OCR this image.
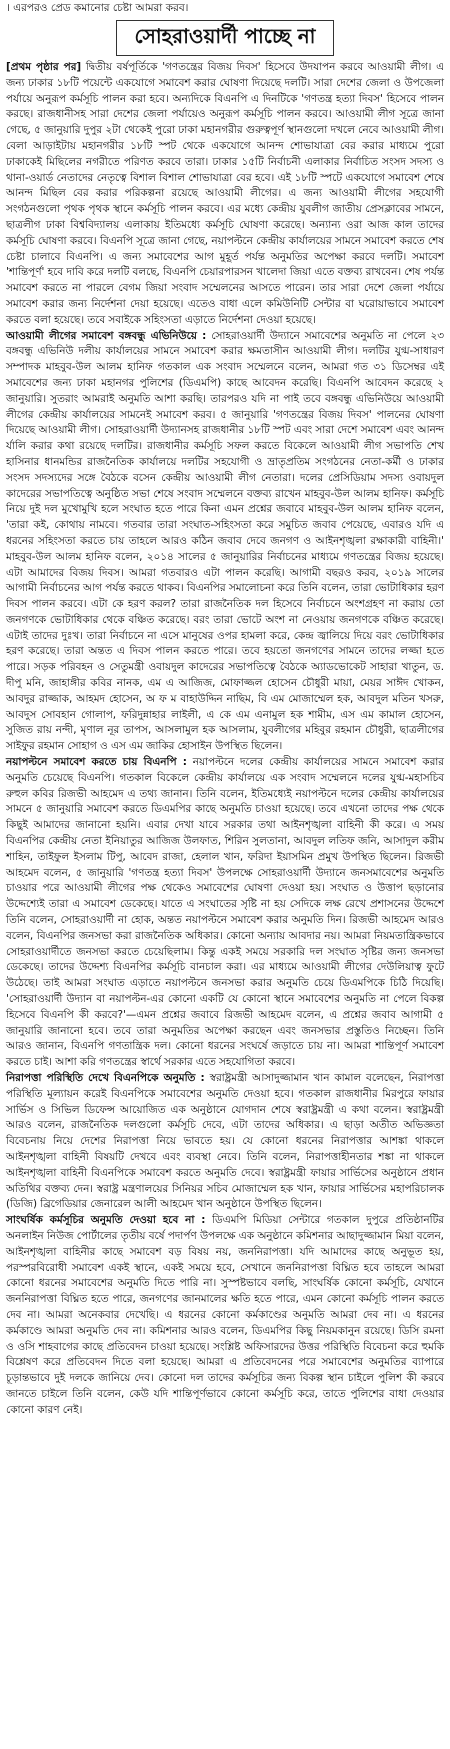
। এরপরও প্রেড কমানোর চেষ্টা আমরা করব।
সোহরাওয়ার্দী পাচ্ছে না

[প্রথম পৃষ্ঠার পর] দ্বিতীয় বর্ষপূর্তিকে 'গণতন্ত্রের বিজয় দিবস' হিসেবে উদযাপন করবে আওয়ামী লীগ। এ জন্য ঢাকার ১৮টি পয়েন্টে একযোগে সমাবেশ করার ঘোষণা দিয়েছে দলটি। সারা দেশের জেলা ও উপজেলা পর্যায়ে অনুরূপ কর্মসূচি পালন করা হবে। অন্যদিকে বিএনপি এ দিনটিকে 'গণতন্ত্র হত্যা দিবস' হিসেবে পালন করছে। রাজধানীসহ সারা দেশের জেলা পর্যায়েও অনুরূপ কর্মসূচি পালন করবে। আওয়ামী লীগ সূত্রে জানা গেছে, ৫ জানুয়ারি দুপুর ২টা থেকেই পুরো ঢাকা মহানগরীর গুরুত্বপূর্ণ স্থানগুলো দখলে নেবে আওয়ামী লীগ। বেলা আড়াইটায় মহানগরীর ১৮টি স্পট থেকে একযোগে আনন্দ শোভাযাত্রা বের করার মাধ্যমে পুরো ঢাকাকেই মিছিলের নগরীতে পরিণত করবে তারা। ঢাকার ১৫টি নির্বাচনী এলাকার নির্বাচিত সংসদ সদস্য ও থানা-ওয়ার্ড নেতাদের নেতৃত্বে বিশাল বিশাল শোভাযাত্রা বের হবে। এই ১৮টি স্পটে একযোগে সমাবেশ শেষে আনন্দ মিছিল বের করার পরিকল্পনা রয়েছে আওয়ামী লীগের। এ জন্য আওয়ামী লীগের সহযোগী সংগঠনগুলো পৃথক পৃথক স্থানে কর্মসূচি পালন করবে। এর মধ্যে কেন্দ্রীয় যুবলীগ জাতীয় প্রেসক্লাবের সামনে, ছাত্রলীগ ঢাকা বিশ্ববিদ্যালয় এলাকায় ইতিমধ্যে কর্মসূচি ঘোষণা করেছে। অন্যান্য ওরা আজ কাল তাদের কর্মসূচি ঘোষণা করবে। বিএনপি সূত্রে জানা গেছে, নয়াপল্টনে কেন্দ্রীয় কার্যালয়ের সামনে সমাবেশ করতে শেষ চেষ্টা চালাবে বিএনপি। এ জন্য সমাবেশের আগ মুহূর্ত পর্যন্ত অনুমতির অপেক্ষা করবে দলটি। সমাবেশ 'শান্তিপূর্ণ' হবে দাবি করে দলটি বলছে, বিএনপি চেয়ারপারসন খালেদা জিয়া এতে বক্তব্য রাখবেন। শেষ পর্যন্ত সমাবেশ করতে না পারলে বেগম জিয়া সংবাদ সম্মেলনের আসতে পারেন। তার সারা দেশে জেলা পর্যায়ে সমাবেশ করার জন্য নির্দেশনা দেয়া হয়েছে। এতেও বাধা এলে কমিউনিটি সেন্টার বা ঘরোয়াভাবে সমাবেশ করতে বলা হয়েছে। তবে সবাইকে সহিংসতা এড়াতে নির্দেশনা দেওয়া হয়েছে।

আওয়ামী লীগের সমাবেশ বঙ্গবন্ধু এভিনিউয়ে : সোহরাওয়ার্দী উদ্যানে সমাবেশের অনুমতি না পেলে ২৩ বঙ্গবন্ধু এভিনিউ দলীয় কার্যালয়ের সামনে সমাবেশ করার ক্ষমতাসীন আওয়ামী লীগ। দলটির যুগ্ম-সাধারণ সম্পাদক মাহবুব-উল আলম হানিফ গতকাল এক সংবাদ সম্মেলনে বলেন, আমরা গত ৩১ ডিসেম্বর এই সমাবেশের জন্য ঢাকা মহানগর পুলিশের (ডিএমপি) কাছে আবেদন করেছি। বিএনপি আবেদন করেছে ২ জানুয়ারি। সুতরাং আমরাই অনুমতি আশা করছি। তারপরও যদি না পাই তবে বঙ্গবন্ধু এভিনিউয়ে আওয়ামী লীগের কেন্দ্রীয় কার্যালয়ের সামনেই সমাবেশ করব। ৫ জানুয়ারি 'গণতন্ত্রের বিজয় দিবস' পালনের ঘোষণা দিয়েছে আওয়ামী লীগ। সোহরাওয়ার্দী উদ্যানসহ রাজধানীর ১৮টি স্পট এবং সারা দেশে সমাবেশ এবং আনন্দ র্যালি করার কথা রয়েছে দলটির। রাজধানীর কর্মসূচি সফল করতে বিকেলে আওয়ামী লীগ সভাপতি শেখ হাসিনার ধানমন্ডির রাজনৈতিক কার্যালয়ে দলটির সহযোগী ও ভ্রাতৃপ্রতিম সংগঠনের নেতা-কর্মী ও ঢাকার সংসদ সদস্যদের সঙ্গে বৈঠকে বসেন কেন্দ্রীয় আওয়ামী লীগ নেতারা। দলের প্রেসিডিয়াম সদস্য ওবায়দুল কাদেরের সভাপতিত্বে অনুষ্ঠিত সভা শেষে সংবাদ সম্মেলনে বক্তব্য রাখেন মাহবুব-উল আলম হানিফ। কর্মসূচি নিয়ে দুই দল মুখোমুখি হলে সংঘাত হতে পারে কিনা এমন প্রশ্নের জবাবে মাহবুব-উল আলম হানিফ বলেন, 'তারা কই, কোথায় নামবে। গতবার তারা সংঘাত-সহিংসতা করে সমুচিত জবাব পেয়েছে, এবারও যদি এ ধরনের সহিংসতা করতে চায় তাহলে আরও কঠিন জবাব দেবে জনগণ ও আইনশৃঙ্খলা রক্ষাকারী বাহিনী।' মাহবুব-উল আলম হানিফ বলেন, ২০১৪ সালের ৫ জানুয়ারির নির্বাচনের মাধ্যমে গণতন্ত্রের বিজয় হয়েছে। এটা আমাদের বিজয় দিবস। আমরা গতবারও এটা পালন করেছি। আগামী বছরও করব, ২০১৯ সালের আগামী নির্বাচনের আগ পর্যন্ত করতে থাকব। বিএনপির সমালোচনা করে তিনি বলেন, তারা ভোটাধিকার হরণ দিবস পালন করবে। এটা কে হরণ করল? তারা রাজনৈতিক দল হিসেবে নির্বাচনে অংশগ্রহণ না করায় তো জনগণকে ভোটাধিকার থেকে বঞ্চিত করেছে। বরং তারা ভোটে অংশ না নেওয়ায় জনগণকে বঞ্চিত করেছে। এটাই তাদের দুঃখ। তারা নির্বাচনে না এসে মানুষের ওপর হামলা করে, কেন্দ্র জ্বালিয়ে দিয়ে বরং ভোটাধিকার হরণ করেছে। তারা অন্তত এ দিবস পালন করতে পারে। তবে হয়তো জনগণের সামনে তাদের লজ্জা হতে পারে। সড়ক পরিবহন ও সেতুমন্ত্রী ওবায়দুল কাদেরের সভাপতিত্বে বৈঠকে অ্যাডভোকেট সাহারা খাতুন, ড. দীপু মনি, জাহাঙ্গীর কবির নানক, এম এ আজিজ, মোফাজ্জল হোসেন চৌধুরী মায়া, মেয়র সাঈদ খোকন, আবদুর রাজ্জাক, আহমদ হোসেন, অ ফ ম বাহাউদ্দিন নাছিম, বি এম মোজাম্মেল হক, আবদুল মতিন খসরু, আবদুস সোবহান গোলাপ, ফরিদুন্নাহার লাইলী, এ কে এম এনামুল হক শামীম, এস এম কামাল হোসেন, সুজিত রায় নন্দী, মৃণাল নূর তাপস, আসলামুল হক আসলাম, যুবলীগের মহিবুর রহমান চৌধুরী, ছাত্রলীগের সাইফুর রহমান সোহাগ ও এস এম জাকির হোসাইন উপস্থিত ছিলেন।

নয়াপল্টনে সমাবেশ করতে চায় বিএনপি : নয়াপল্টনে দলের কেন্দ্রীয় কার্যালয়ের সামনে সমাবেশ করার অনুমতি চেয়েছে বিএনপি। গতকাল বিকেলে কেন্দ্রীয় কার্যালয়ে এক সংবাদ সম্মেলনে দলের যুগ্ম-মহাসচিব রুহুল কবির রিজভী আহমেদ এ তথ্য জানান। তিনি বলেন, ইতিমধ্যেই নয়াপল্টনে দলের কেন্দ্রীয় কার্যালয়ের সামনে ৫ জানুয়ারি সমাবেশ করতে ডিএমপির কাছে অনুমতি চাওয়া হয়েছে। তবে এখনো তাদের পক্ষ থেকে কিছুই আমাদের জানানো হয়নি। এবার দেখা যাবে সরকার তথা আইনশৃঙ্খলা বাহিনী কী করে। এ সময় বিএনপির কেন্দ্রীয় নেতা ইনিয়াতুর আজিজ উলফাত, শিরিন সুলতানা, আবদুল লতিফ জনি, আসাদুল করীম শাহিন, তাইফুল ইসলাম টিপু, আবেদ রাজা, হেলাল খান, ফরিদা ইয়াসমিন প্রমুখ উপস্থিত ছিলেন। রিজভী আহমেদ বলেন, ৫ জানুয়ারি 'গণতন্ত্র হত্যা দিবস' উপলক্ষে সোহরাওয়ার্দী উদ্যানে জনসমাবেশের অনুমতি চাওয়ার পরে আওয়ামী লীগের পক্ষ থেকেও সমাবেশের ঘোষণা দেওয়া হয়। সংঘাত ও উত্তাপ ছড়ানোর উদ্দেশ্যেই তারা এ সমাবেশ ডেকেছে। যাতে এ সংঘাতের সৃষ্টি না হয় সেদিকে লক্ষ রেখে প্রশাসনের উদ্দেশে তিনি বলেন, সোহরাওয়ার্দী না হোক, অন্তত নয়াপল্টনে সমাবেশ করার অনুমতি দিন। রিজভী আহমেদ আরও বলেন, বিএনপির জনসভা করা রাজনৈতিক অধিকার। কোনো অন্যায় আবদার নয়। আমরা নিয়মতান্ত্রিকভাবে সোহরাওয়ার্দীতে জনসভা করতে চেয়েছিলাম। কিন্তু একই সময়ে সরকারি দল সংঘাত সৃষ্টির জন্য জনসভা ডেকেছে। তাদের উদ্দেশ্য বিএনপির কর্মসূচি বানচাল করা। এর মাধ্যমে আওয়ামী লীগের দেউলিয়াত্ব ফুটে উঠেছে। তাই আমরা সংঘাত এড়াতে নয়াপল্টনে জনসভা করার অনুমতি চেয়ে ডিএমপিকে চিঠি দিয়েছি। 'সোহরাওয়ার্দী উদ্যান বা নয়াপল্টন-এর কোনো একটি যে কোনো স্থানে সমাবেশের অনুমতি না পেলে বিকল্প হিসেবে বিএনপি কী করবে?'—এমন প্রশ্নের জবাবে রিজভী আহমেদ বলেন, এ প্রশ্নের জবাব আগামী ৫ জানুয়ারি জানানো হবে। তবে তারা অনুমতির অপেক্ষা করছেন এবং জনসভার প্রস্তুতিও নিচ্ছেন। তিনি আরও জানান, বিএনপি গণতান্ত্রিক দল। কোনো ধরনের সংঘর্ষে জড়াতে চায় না। আমরা শান্তিপূর্ণ সমাবেশ করতে চাই। আশা করি গণতন্ত্রের স্বার্থে সরকার এতে সহযোগিতা করবে।

নিরাপত্তা পরিস্থিতি দেখে বিএনপিকে অনুমতি : স্বরাষ্ট্রমন্ত্রী আসাদুজ্জামান খান কামাল বলেছেন, নিরাপত্তা পরিস্থিতি মূল্যায়ন করেই বিএনপিকে সমাবেশের অনুমতি দেওয়া হবে। গতকাল রাজধানীর মিরপুরে ফায়ার সার্ভিস ও সিভিল ডিফেন্স আয়োজিত এক অনুষ্ঠানে যোগদান শেষে স্বরাষ্ট্রমন্ত্রী এ কথা বলেন। স্বরাষ্ট্রমন্ত্রী আরও বলেন, রাজনৈতিক দলগুলো কর্মসূচি দেবে, এটা তাদের অধিকার। এ ছাড়া অতীত অভিজ্ঞতা বিবেচনায় নিয়ে দেশের নিরাপত্তা নিয়ে ভাবতে হয়। যে কোনো ধরনের নিরাপত্তার আশঙ্কা থাকলে আইনশৃঙ্খলা বাহিনী বিষয়টি দেখবে এবং ব্যবস্থা নেবে। তিনি বলেন, নিরাপত্তাহীনতার শঙ্কা না থাকলে আইনশৃঙ্খলা বাহিনী বিএনপিকে সমাবেশ করতে অনুমতি দেবে। স্বরাষ্ট্রমন্ত্রী ফায়ার সার্ভিসের অনুষ্ঠানে প্রধান অতিথির বক্তব্য দেন। স্বরাষ্ট্র মন্ত্রণালয়ের সিনিয়র সচিব মোজাম্মেল হক খান, ফায়ার সার্ভিসের মহাপরিচালক (ডিজি) ব্রিগেডিয়ার জেনারেল আলী আহমেদ খান অনুষ্ঠানে উপস্থিত ছিলেন।

সাংঘর্ষিক কর্মসূচির অনুমতি দেওয়া হবে না : ডিএমপি মিডিয়া সেন্টারে গতকাল দুপুরে প্রতিষ্ঠানটির অনলাইন নিউজ পোর্টালের তৃতীয় বর্ষে পদার্পণ উপলক্ষে এক অনুষ্ঠানে কমিশনার আছাদুজ্জামান মিয়া বলেন, আইনশৃঙ্খলা বাহিনীর কাছে সমাবেশ বড় বিষয় নয়, জননিরাপত্তা। যদি আমাদের কাছে অনুভূত হয়, পরস্পরবিরোধী সমাবেশ একই স্থানে, একই সময়ে হবে, সেখানে জননিরাপত্তা বিঘ্নিত হবে তাহলে আমরা কোনো ধরনের সমাবেশের অনুমতি দিতে পারি না। সুস্পষ্টভাবে বলছি, সাংঘর্ষিক কোনো কর্মসূচি, যেখানে জননিরাপত্তা বিঘ্নিত হতে পারে, জনগণের জানমালের ক্ষতি হতে পারে, এমন কোনো কর্মসূচি পালন করতে দেব না। আমরা অনেকবার দেখেছি। এ ধরনের কোনো কর্মকাণ্ডের অনুমতি আমরা দেব না। এ ধরনের কর্মকাণ্ডে আমরা অনুমতি দেব না। কমিশনার আরও বলেন, ডিএমপির কিছু নিয়মকানুন রয়েছে। ডিসি রমনা ও ওসি শাহবাগের কাছে প্রতিবেদন চাওয়া হয়েছে। সংশ্লিষ্ট অফিসারদের উত্তর পরিস্থিতি বিবেচনা করে হুমকি বিশ্লেষণ করে প্রতিবেদন দিতে বলা হয়েছে। আমরা এ প্রতিবেদনের পরে সমাবেশের অনুমতির ব্যাপারে চূড়ান্তভাবে দুই দলকে জানিয়ে দেব। কোনো দল তাদের কর্মসূচির জন্য বিকল্প স্থান চাইলে পুলিশ কী করবে জানতে চাইলে তিনি বলেন, কেউ যদি শান্তিপূর্ণভাবে কোনো কর্মসূচি করে, তাতে পুলিশের বাধা দেওয়ার কোনো কারণ নেই।
